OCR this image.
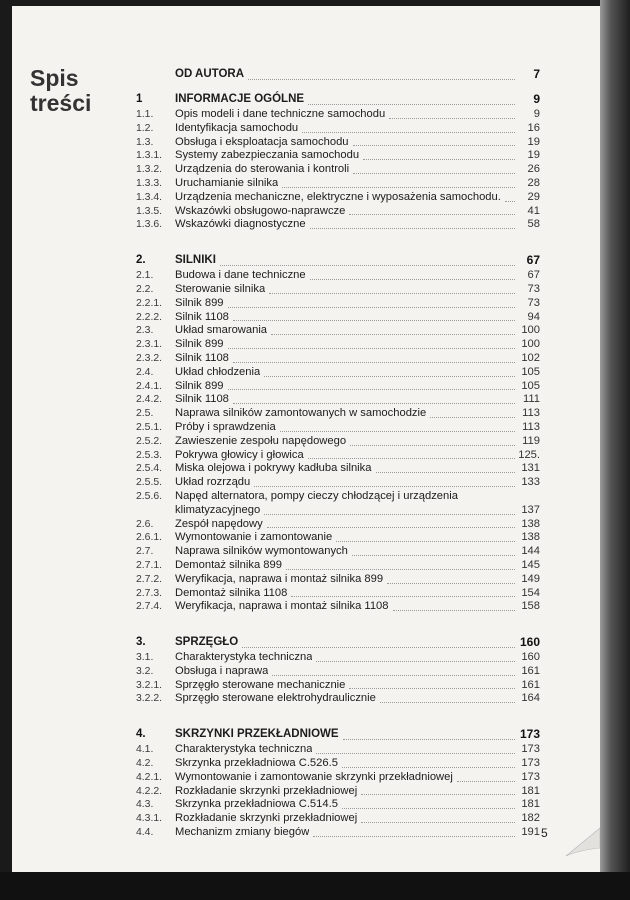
Spis
treści
OD AUTORA	7
1	INFORMACJE OGÓLNE	9
1.1.	Opis modeli i dane techniczne samochodu	9
1.2.	Identyfikacja samochodu	16
1.3.	Obsługa i eksploatacja samochodu	19
1.3.1.	Systemy zabezpieczania samochodu	19
1.3.2.	Urządzenia do sterowania i kontroli	26
1.3.3.	Uruchamianie silnika	28
1.3.4.	Urządzenia mechaniczne, elektryczne i wyposażenia samochodu.	29
1.3.5.	Wskazówki obsługowo-naprawcze	41
1.3.6.	Wskazówki diagnostyczne	58
2.	SILNIKI	67
2.1.	Budowa i dane techniczne	67
2.2.	Sterowanie silnika	73
2.2.1.	Silnik 899	73
2.2.2.	Silnik 1108	94
2.3.	Układ smarowania	100
2.3.1.	Silnik 899	100
2.3.2.	Silnik 1108	102
2.4.	Układ chłodzenia	105
2.4.1.	Silnik 899	105
2.4.2.	Silnik 1108	111
2.5.	Naprawa silników zamontowanych w samochodzie	113
2.5.1.	Próby i sprawdzenia	113
2.5.2.	Zawieszenie zespołu napędowego	119
2.5.3.	Pokrywa głowicy i głowica	125.
2.5.4.	Miska olejowa i pokrywy kadłuba silnika	131
2.5.5.	Układ rozrządu	133
2.5.6.	Napęd alternatora, pompy cieczy chłodzącej i urządzenia
klimatyzacyjnego	137
2.6.	Zespół napędowy	138
2.6.1.	Wymontowanie i zamontowanie	138
2.7.	Naprawa silników wymontowanych	144
2.7.1.	Demontaż silnika 899	145
2.7.2.	Weryfikacja, naprawa i montaż silnika 899	149
2.7.3.	Demontaż silnika 1108	154
2.7.4.	Weryfikacja, naprawa i montaż silnika 1108	158
3.	SPRZĘGŁO	160
3.1.	Charakterystyka techniczna	160
3.2.	Obsługa i naprawa	161
3.2.1.	Sprzęgło sterowane mechanicznie	161
3.2.2.	Sprzęgło sterowane elektrohydraulicznie	164
4.	SKRZYNKI PRZEKŁADNIOWE	173
4.1.	Charakterystyka techniczna	173
4.2.	Skrzynka przekładniowa C.526.5	173
4.2.1.	Wymontowanie i zamontowanie skrzynki przekładniowej	173
4.2.2.	Rozkładanie skrzynki przekładniowej	181
4.3.	Skrzynka przekładniowa C.514.5	181
4.3.1.	Rozkładanie skrzynki przekładniowej	182
4.4.	Mechanizm zmiany biegów	191 5
